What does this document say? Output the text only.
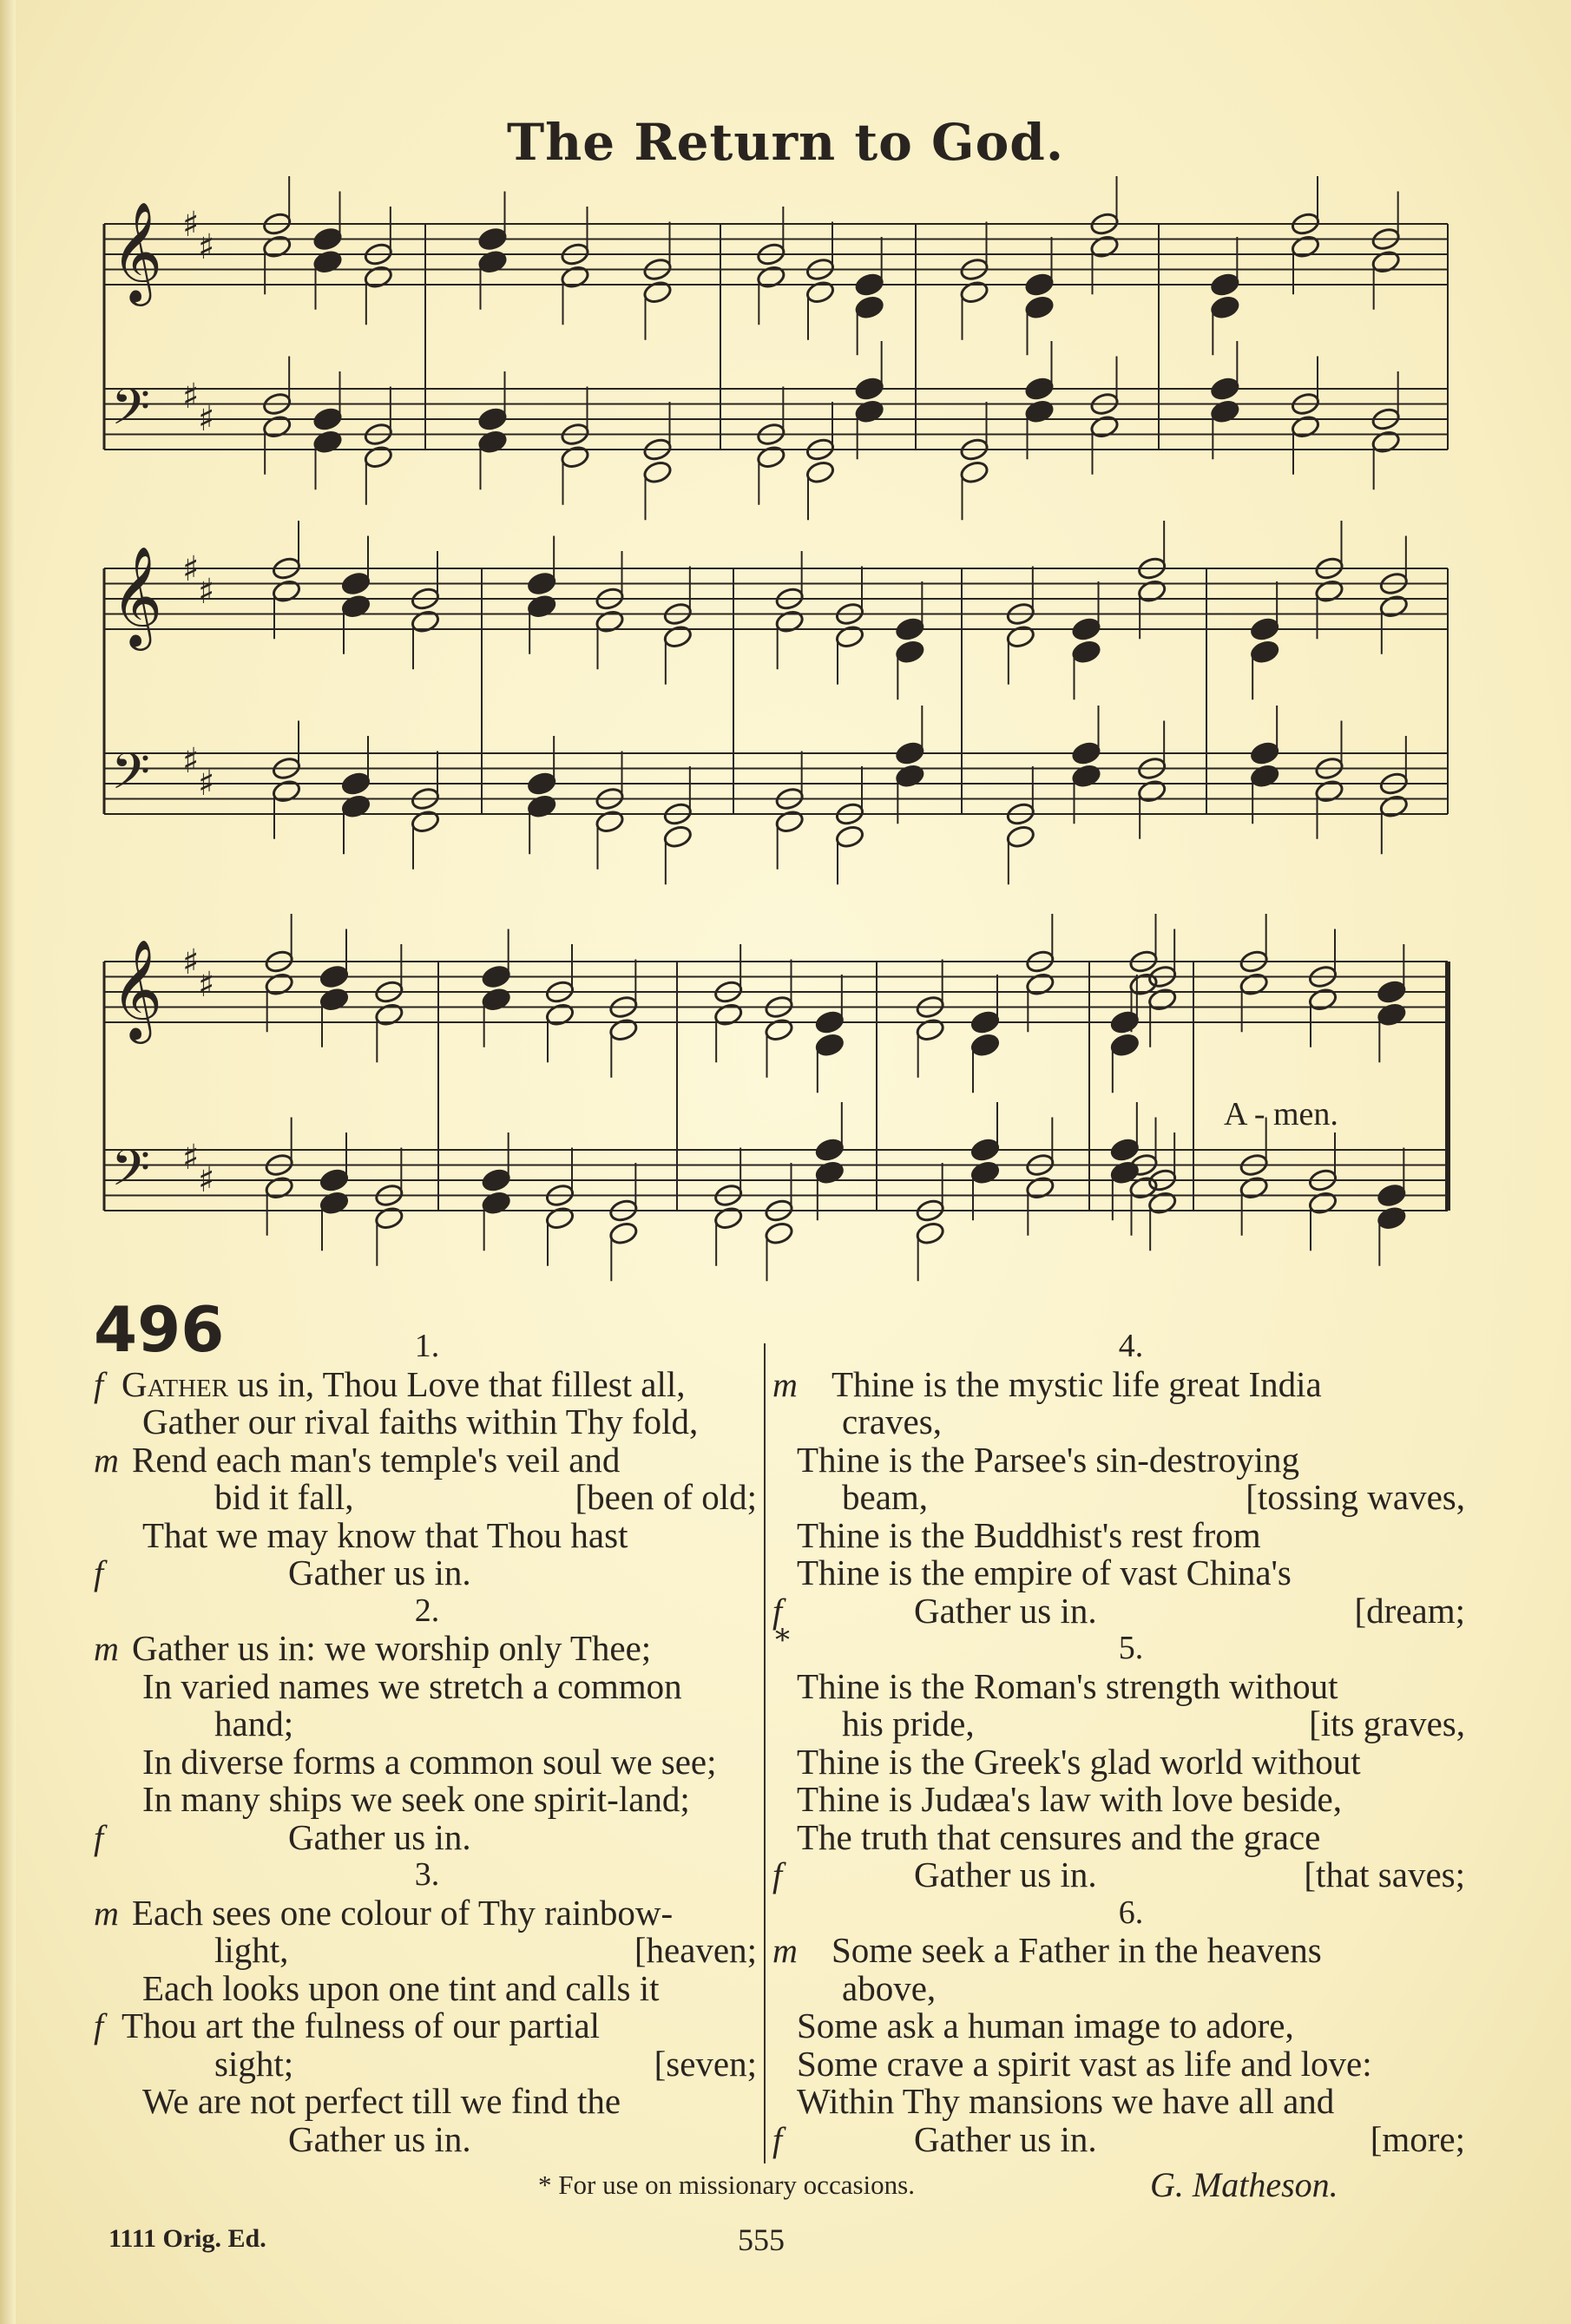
The Return to God.
𝄞 ♯
♯
𝄢 ♯
♯
𝄞 ♯
♯
𝄢 ♯
♯
𝄞 ♯
♯
𝄢 ♯
♯
A - men.
496	1.
f Gather us in, Thou Love that fillest all,
Gather our rival faiths within Thy fold,
m Rend each man's temple's veil and
bid it fall,	[been of old;
That we may know that Thou hast
f	Gather us in.
2.
m Gather us in: we worship only Thee;
In varied names we stretch a common
hand;
In diverse forms a common soul we see;
In many ships we seek one spirit-land;
f	Gather us in.
3.
m Each sees one colour of Thy rainbow-
light,	[heaven;
Each looks upon one tint and calls it
f Thou art the fulness of our partial
sight;	[seven;
We are not perfect till we find the
Gather us in.
*
4.
m Thine is the mystic life great India
craves,
Thine is the Parsee's sin-destroying
beam,	[tossing waves,
Thine is the Buddhist's rest from
Thine is the empire of vast China's
f	Gather us in.	[dream;
5.
Thine is the Roman's strength without
his pride,	[its graves,
Thine is the Greek's glad world without
Thine is Judæa's law with love beside,
The truth that censures and the grace
f	Gather us in.	[that saves;
6.
m Some seek a Father in the heavens
above,
Some ask a human image to adore,
Some crave a spirit vast as life and love:
Within Thy mansions we have all and
f	Gather us in.	[more;
* For use on missionary occasions.	G. Matheson.
1111 Orig. Ed.	555
